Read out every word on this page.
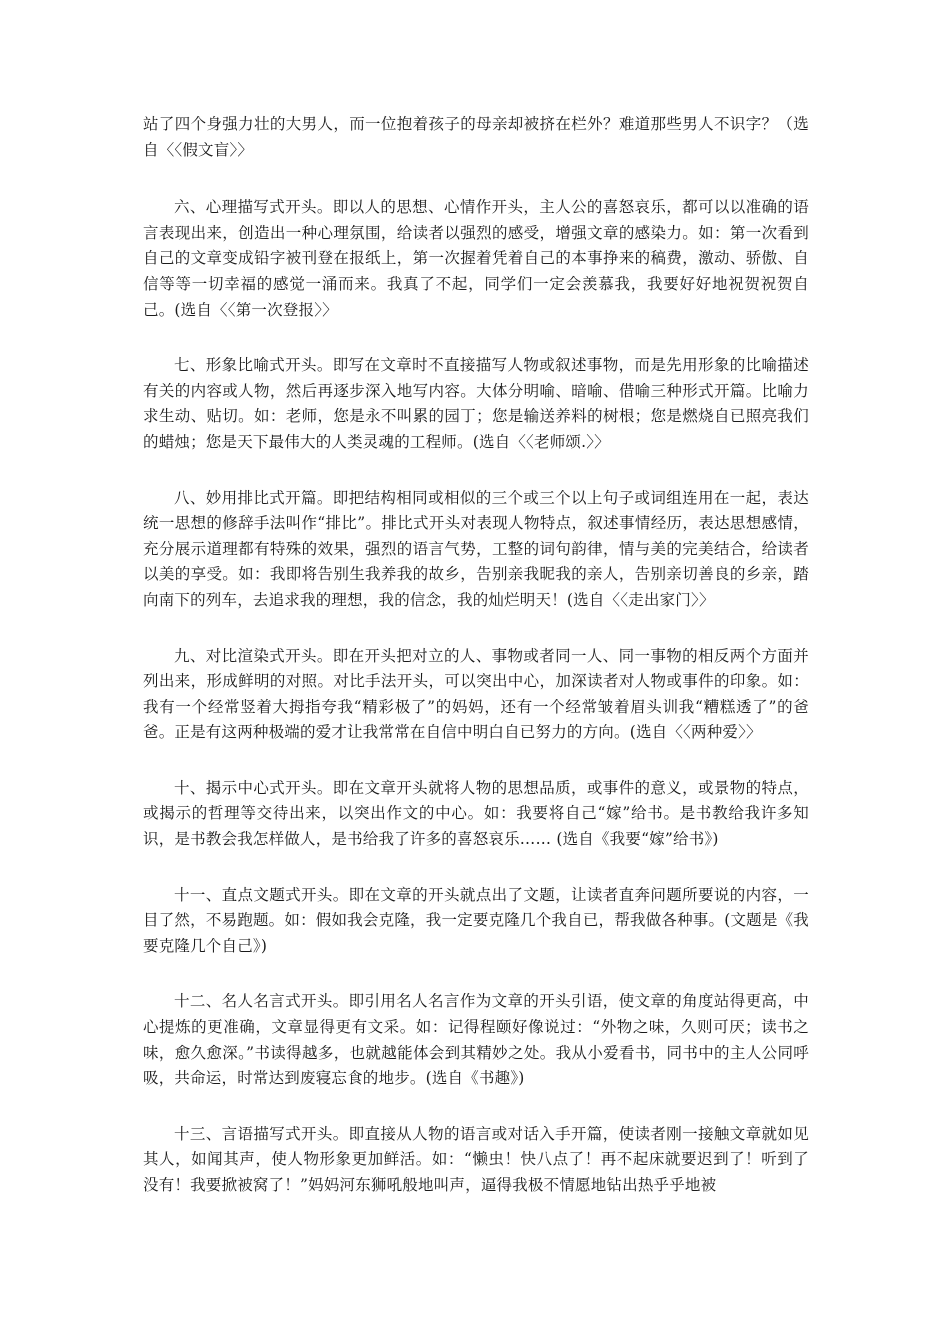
站了四个身强力壮的大男人，而一位抱着孩子的母亲却被挤在栏外？难道那些男人不识字？（选自〈〈假文盲〉〉

六、心理描写式开头。即以人的思想、心情作开头，主人公的喜怒哀乐，都可以以准确的语言表现出来，创造出一种心理氛围，给读者以强烈的感受，增强文章的感染力。如：第一次看到自己的文章变成铅字被刊登在报纸上，第一次握着凭着自己的本事挣来的稿费，激动、骄傲、自信等等一切幸福的感觉一涌而来。我真了不起，同学们一定会羡慕我，我要好好地祝贺祝贺自己。(选自〈〈第一次登报〉〉

七、形象比喻式开头。即写在文章时不直接描写人物或叙述事物，而是先用形象的比喻描述有关的内容或人物，然后再逐步深入地写内容。大体分明喻、暗喻、借喻三种形式开篇。比喻力求生动、贴切。如：老师，您是永不叫累的园丁；您是输送养料的树根；您是燃烧自已照亮我们的蜡烛；您是天下最伟大的人类灵魂的工程师。(选自〈〈老师颂.〉〉

八、妙用排比式开篇。即把结构相同或相似的三个或三个以上句子或词组连用在一起，表达统一思想的修辞手法叫作“排比”。排比式开头对表现人物特点，叙述事情经历，表达思想感情，充分展示道理都有特殊的效果，强烈的语言气势，工整的词句韵律，情与美的完美结合，给读者以美的享受。如：我即将告别生我养我的故乡，告别亲我昵我的亲人，告别亲切善良的乡亲，踏向南下的列车，去追求我的理想，我的信念，我的灿烂明天！(选自〈〈走出家门〉〉

九、对比渲染式开头。即在开头把对立的人、事物或者同一人、同一事物的相反两个方面并列出来，形成鲜明的对照。对比手法开头，可以突出中心，加深读者对人物或事件的印象。如：我有一个经常竖着大拇指夸我“精彩极了”的妈妈，还有一个经常皱着眉头训我“糟糕透了”的爸爸。正是有这两种极端的爱才让我常常在自信中明白自已努力的方向。(选自〈〈两种爱〉〉

十、揭示中心式开头。即在文章开头就将人物的思想品质，或事件的意义，或景物的特点，或揭示的哲理等交待出来，以突出作文的中心。如：我要将自己“嫁”给书。是书教给我许多知识，是书教会我怎样做人，是书给我了许多的喜怒哀乐…… (选自《我要“嫁”给书》)

十一、直点文题式开头。即在文章的开头就点出了文题，让读者直奔问题所要说的内容，一目了然，不易跑题。如：假如我会克隆，我一定要克隆几个我自已，帮我做各种事。(文题是《我要克隆几个自己》)

十二、名人名言式开头。即引用名人名言作为文章的开头引语，使文章的角度站得更高，中心提炼的更准确，文章显得更有文采。如：记得程颐好像说过：“外物之味，久则可厌；读书之味，愈久愈深。”书读得越多，也就越能体会到其精妙之处。我从小爱看书，同书中的主人公同呼吸，共命运，时常达到废寝忘食的地步。(选自《书趣》)

十三、言语描写式开头。即直接从人物的语言或对话入手开篇，使读者刚一接触文章就如见其人，如闻其声，使人物形象更加鲜活。如：“懒虫！快八点了！再不起床就要迟到了！听到了没有！我要掀被窝了！”妈妈河东狮吼般地叫声，逼得我极不情愿地钻出热乎乎地被
